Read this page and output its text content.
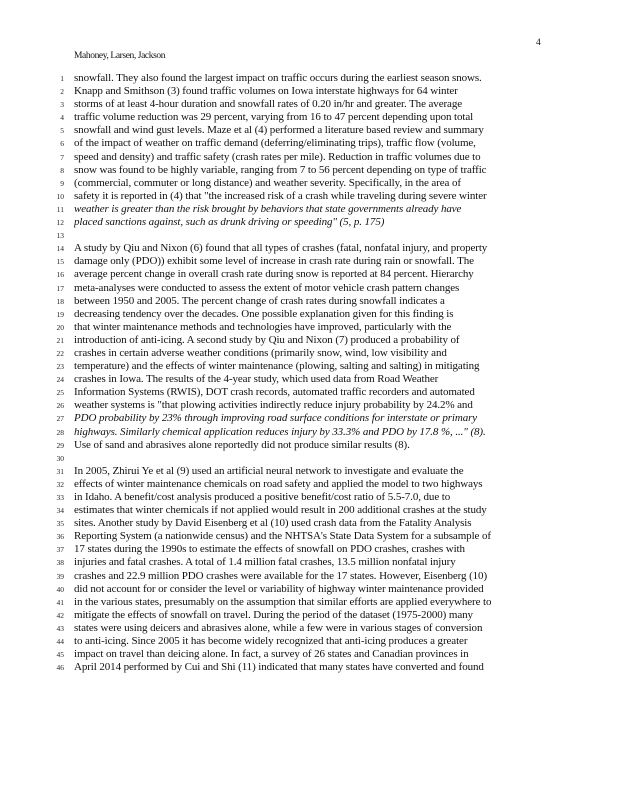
4
Mahoney, Larsen, Jackson
1 snowfall. They also found the largest impact on traffic occurs during the earliest season snows.
2 Knapp and Smithson (3) found traffic volumes on Iowa interstate highways for 64 winter
3 storms of at least 4-hour duration and snowfall rates of 0.20 in/hr and greater. The average
4 traffic volume reduction was 29 percent, varying from 16 to 47 percent depending upon total
5 snowfall and wind gust levels. Maze et al (4) performed a literature based review and summary
6 of the impact of weather on traffic demand (deferring/eliminating trips), traffic flow (volume,
7 speed and density) and traffic safety (crash rates per mile). Reduction in traffic volumes due to
8 snow was found to be highly variable, ranging from 7 to 56 percent depending on type of traffic
9 (commercial, commuter or long distance) and weather severity. Specifically, in the area of
10 safety it is reported in (4) that "the increased risk of a crash while traveling during severe winter
11 weather is greater than the risk brought by behaviors that state governments already have
12 placed sanctions against, such as drunk driving or speeding" (5, p. 175)
13
14 A study by Qiu and Nixon (6) found that all types of crashes (fatal, nonfatal injury, and property
15 damage only (PDO)) exhibit some level of increase in crash rate during rain or snowfall. The
16 average percent change in overall crash rate during snow is reported at 84 percent. Hierarchy
17 meta-analyses were conducted to assess the extent of motor vehicle crash pattern changes
18 between 1950 and 2005. The percent change of crash rates during snowfall indicates a
19 decreasing tendency over the decades. One possible explanation given for this finding is
20 that winter maintenance methods and technologies have improved, particularly with the
21 introduction of anti-icing. A second study by Qiu and Nixon (7) produced a probability of
22 crashes in certain adverse weather conditions (primarily snow, wind, low visibility and
23 temperature) and the effects of winter maintenance (plowing, salting and salting) in mitigating
24 crashes in Iowa. The results of the 4-year study, which used data from Road Weather
25 Information Systems (RWIS), DOT crash records, automated traffic recorders and automated
26 weather systems is "that plowing activities indirectly reduce injury probability by 24.2% and
27 PDO probability by 23% through improving road surface conditions for interstate or primary
28 highways. Similarly chemical application reduces injury by 33.3% and PDO by 17.8 %, ..." (8).
29 Use of sand and abrasives alone reportedly did not produce similar results (8).
30
31 In 2005, Zhirui Ye et al (9) used an artificial neural network to investigate and evaluate the
32 effects of winter maintenance chemicals on road safety and applied the model to two highways
33 in Idaho. A benefit/cost analysis produced a positive benefit/cost ratio of 5.5-7.0, due to
34 estimates that winter chemicals if not applied would result in 200 additional crashes at the study
35 sites. Another study by David Eisenberg et al (10) used crash data from the Fatality Analysis
36 Reporting System (a nationwide census) and the NHTSA's State Data System for a subsample of
37 17 states during the 1990s to estimate the effects of snowfall on PDO crashes, crashes with
38 injuries and fatal crashes. A total of 1.4 million fatal crashes, 13.5 million nonfatal injury
39 crashes and 22.9 million PDO crashes were available for the 17 states. However, Eisenberg (10)
40 did not account for or consider the level or variability of highway winter maintenance provided
41 in the various states, presumably on the assumption that similar efforts are applied everywhere to
42 mitigate the effects of snowfall on travel. During the period of the dataset (1975-2000) many
43 states were using deicers and abrasives alone, while a few were in various stages of conversion
44 to anti-icing. Since 2005 it has become widely recognized that anti-icing produces a greater
45 impact on travel than deicing alone. In fact, a survey of 26 states and Canadian provinces in
46 April 2014 performed by Cui and Shi (11) indicated that many states have converted and found
